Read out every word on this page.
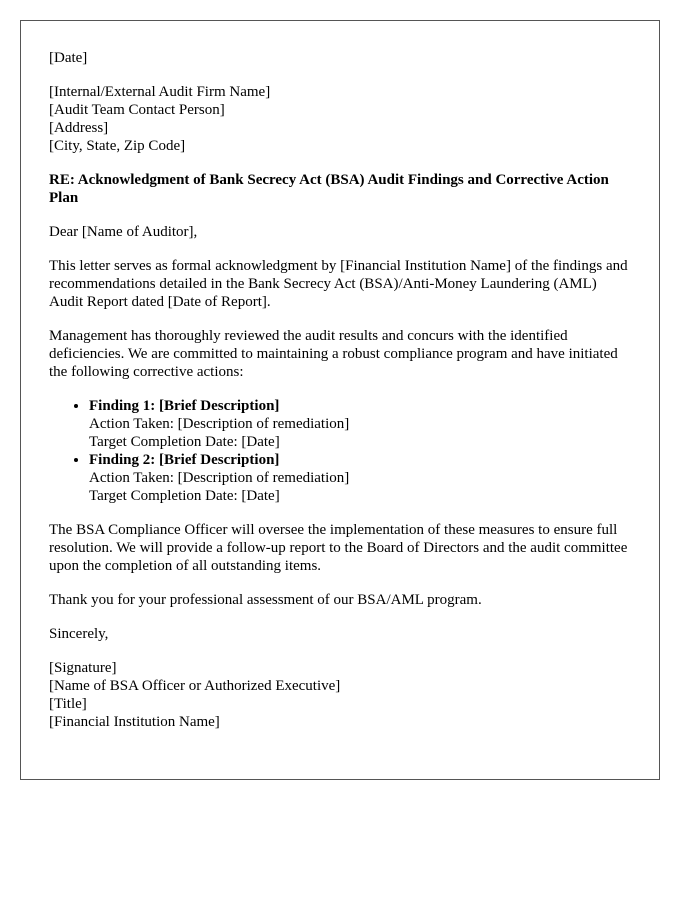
[Date]

[Internal/External Audit Firm Name]

[Audit Team Contact Person]

[Address]

[City, State, Zip Code]

RE: Acknowledgment of Bank Secrecy Act (BSA) Audit Findings and Corrective Action Plan

Dear [Name of Auditor],

This letter serves as formal acknowledgment by [Financial Institution Name] of the findings and recommendations detailed in the Bank Secrecy Act (BSA)/Anti-Money Laundering (AML) Audit Report dated [Date of Report].

Management has thoroughly reviewed the audit results and concurs with the identified deficiencies. We are committed to maintaining a robust compliance program and have initiated the following corrective actions:

• Finding 1: [Brief Description]
Action Taken: [Description of remediation]
Target Completion Date: [Date]
• Finding 2: [Brief Description]
Action Taken: [Description of remediation]
Target Completion Date: [Date]

The BSA Compliance Officer will oversee the implementation of these measures to ensure full resolution. We will provide a follow-up report to the Board of Directors and the audit committee upon the completion of all outstanding items.

Thank you for your professional assessment of our BSA/AML program.

Sincerely,

[Signature]

[Name of BSA Officer or Authorized Executive]

[Title]

[Financial Institution Name]
